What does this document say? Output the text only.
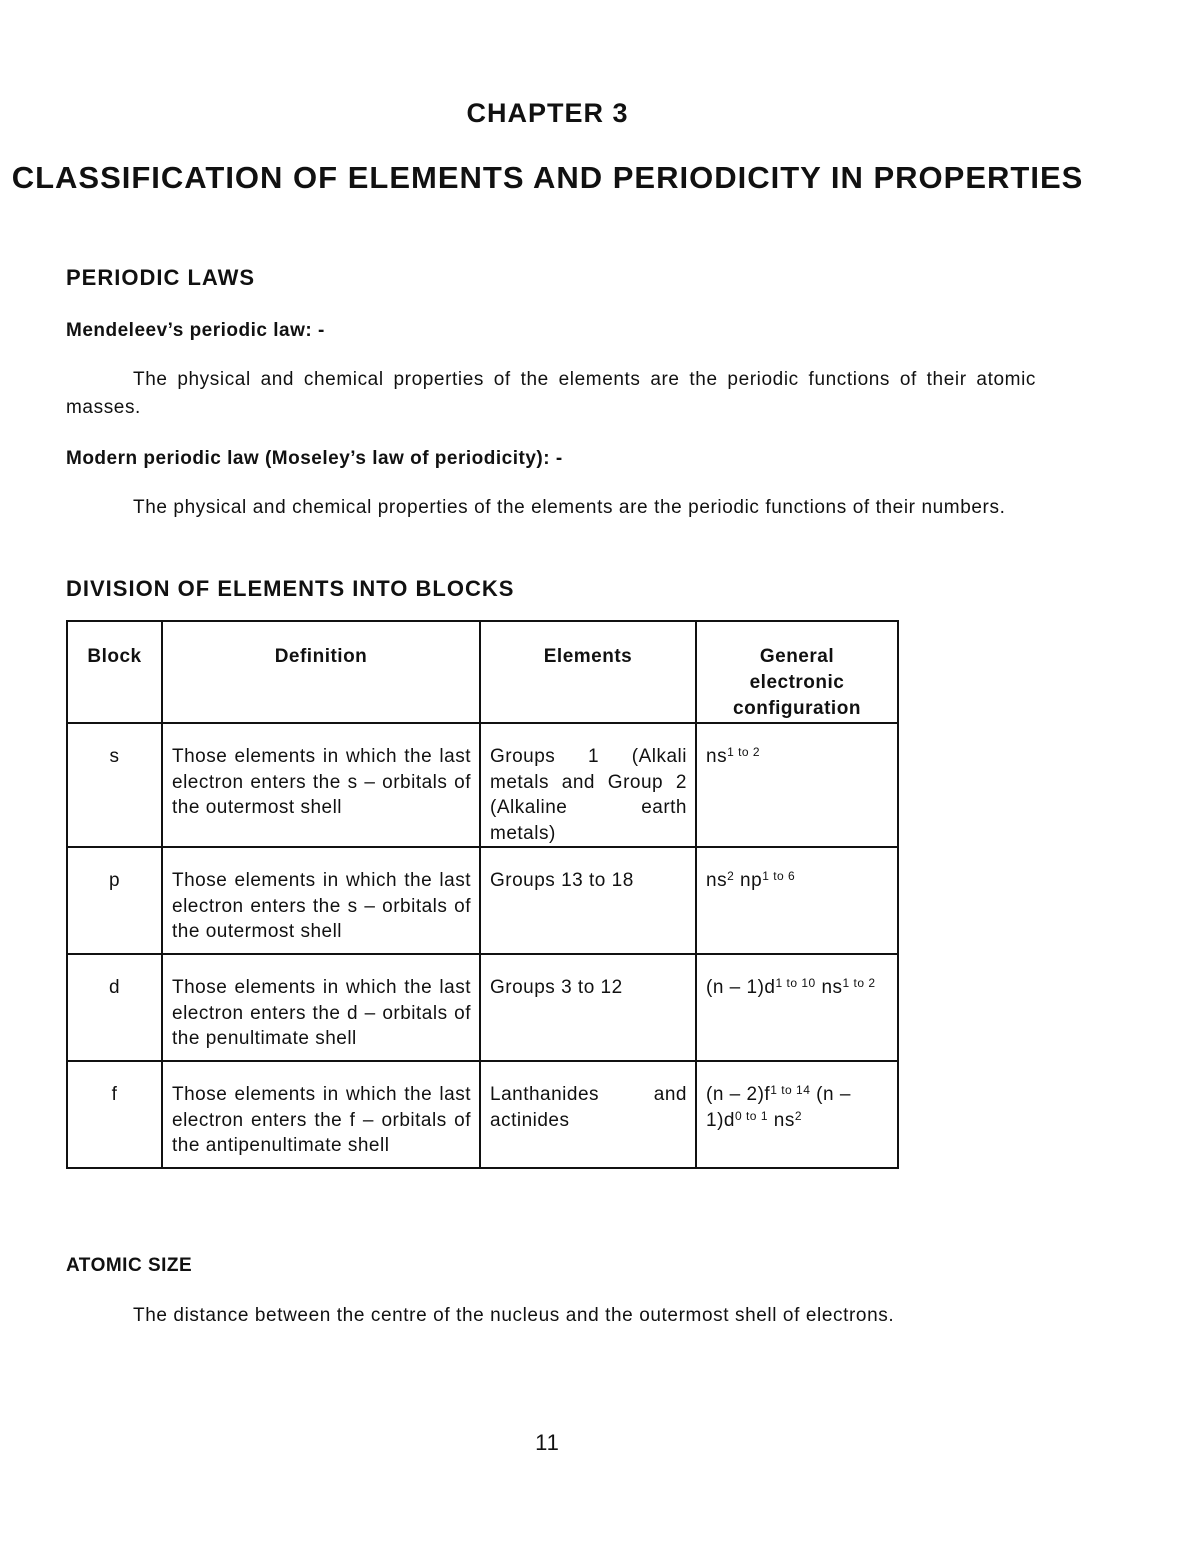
CHAPTER 3
CLASSIFICATION OF ELEMENTS AND PERIODICITY IN PROPERTIES
PERIODIC LAWS
Mendeleev’s periodic law: -
The physical and chemical properties of the elements are the periodic functions of their atomic masses.
Modern periodic law (Moseley’s law of periodicity): -
The physical and chemical properties of the elements are the periodic functions of their numbers.
DIVISION OF ELEMENTS INTO BLOCKS
Block	Definition	Elements	General electronic configuration

s	Those elements in which the last electron enters the s – orbitals of the outermost shell	Groups 1 (Alkali metals and Group 2 (Alkaline earth metals)	$ns^{1 to 2}$
p	Those elements in which the last electron enters the s – orbitals of the outermost shell	Groups 13 to 18	$ns^2$ $np^{1 to 6}$
d	Those elements in which the last electron enters the d – orbitals of the penultimate shell	Groups 3 to 12	$(n - 1)d^{1 to 10}$ $ns^{1 to 2}$
f	Those elements in which the last electron enters the f – orbitals of the antipenultimate shell	Lanthanides and actinides	$(n - 2)f^{1 to 14}$ $(n - 1)d^{0 to 1}$ $ns^2$
ATOMIC SIZE
The distance between the centre of the nucleus and the outermost shell of electrons.
11
